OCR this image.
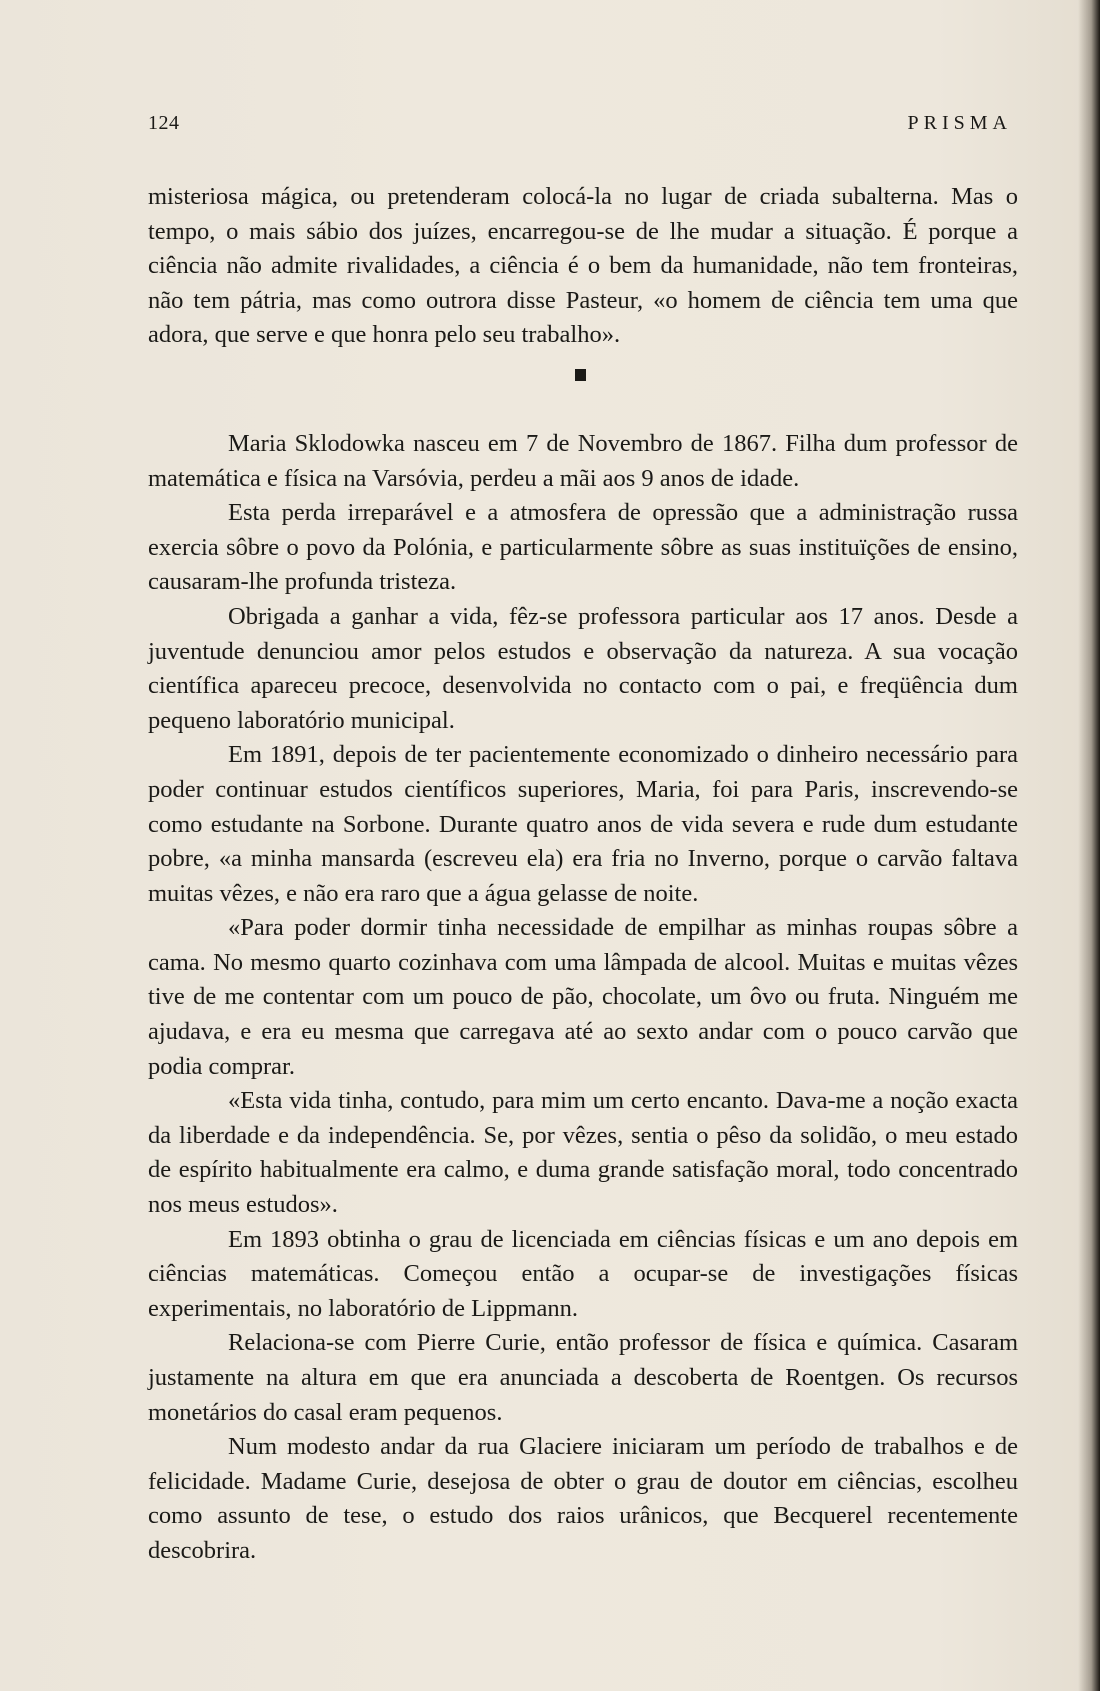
124	PRISMA

misteriosa mágica, ou pretenderam colocá-la no lugar de criada subalterna. Mas o tempo, o mais sábio dos juízes, encarregou-se de lhe mudar a situação. É porque a ciência não admite rivalidades, a ciência é o bem da humanidade, não tem fronteiras, não tem pátria, mas como outrora disse Pasteur, «o homem de ciência tem uma que adora, que serve e que honra pelo seu trabalho».

Maria Sklodowka nasceu em 7 de Novembro de 1867. Filha dum professor de matemática e física na Varsóvia, perdeu a mãi aos 9 anos de idade.

Esta perda irreparável e a atmosfera de opressão que a administração russa exercia sôbre o povo da Polónia, e particularmente sôbre as suas instituïções de ensino, causaram-lhe profunda tristeza.

Obrigada a ganhar a vida, fêz-se professora particular aos 17 anos. Desde a juventude denunciou amor pelos estudos e observação da natureza. A sua vocação científica apareceu precoce, desenvolvida no contacto com o pai, e freqüência dum pequeno laboratório municipal.

Em 1891, depois de ter pacientemente economizado o dinheiro necessário para poder continuar estudos científicos superiores, Maria, foi para Paris, inscrevendo-se como estudante na Sorbone. Durante quatro anos de vida severa e rude dum estudante pobre, «a minha mansarda (escreveu ela) era fria no Inverno, porque o carvão faltava muitas vêzes, e não era raro que a água gelasse de noite.

«Para poder dormir tinha necessidade de empilhar as minhas roupas sôbre a cama. No mesmo quarto cozinhava com uma lâmpada de alcool. Muitas e muitas vêzes tive de me contentar com um pouco de pão, chocolate, um ôvo ou fruta. Ninguém me ajudava, e era eu mesma que carregava até ao sexto andar com o pouco carvão que podia comprar.

«Esta vida tinha, contudo, para mim um certo encanto. Dava-me a noção exacta da liberdade e da independência. Se, por vêzes, sentia o pêso da solidão, o meu estado de espírito habitualmente era calmo, e duma grande satisfação moral, todo concentrado nos meus estudos».

Em 1893 obtinha o grau de licenciada em ciências físicas e um ano depois em ciências matemáticas. Começou então a ocupar-se de investigações físicas experimentais, no laboratório de Lippmann.

Relaciona-se com Pierre Curie, então professor de física e química. Casaram justamente na altura em que era anunciada a descoberta de Roentgen. Os recursos monetários do casal eram pequenos.

Num modesto andar da rua Glaciere iniciaram um período de trabalhos e de felicidade. Madame Curie, desejosa de obter o grau de doutor em ciências, escolheu como assunto de tese, o estudo dos raios urânicos, que Becquerel recentemente descobrira.
